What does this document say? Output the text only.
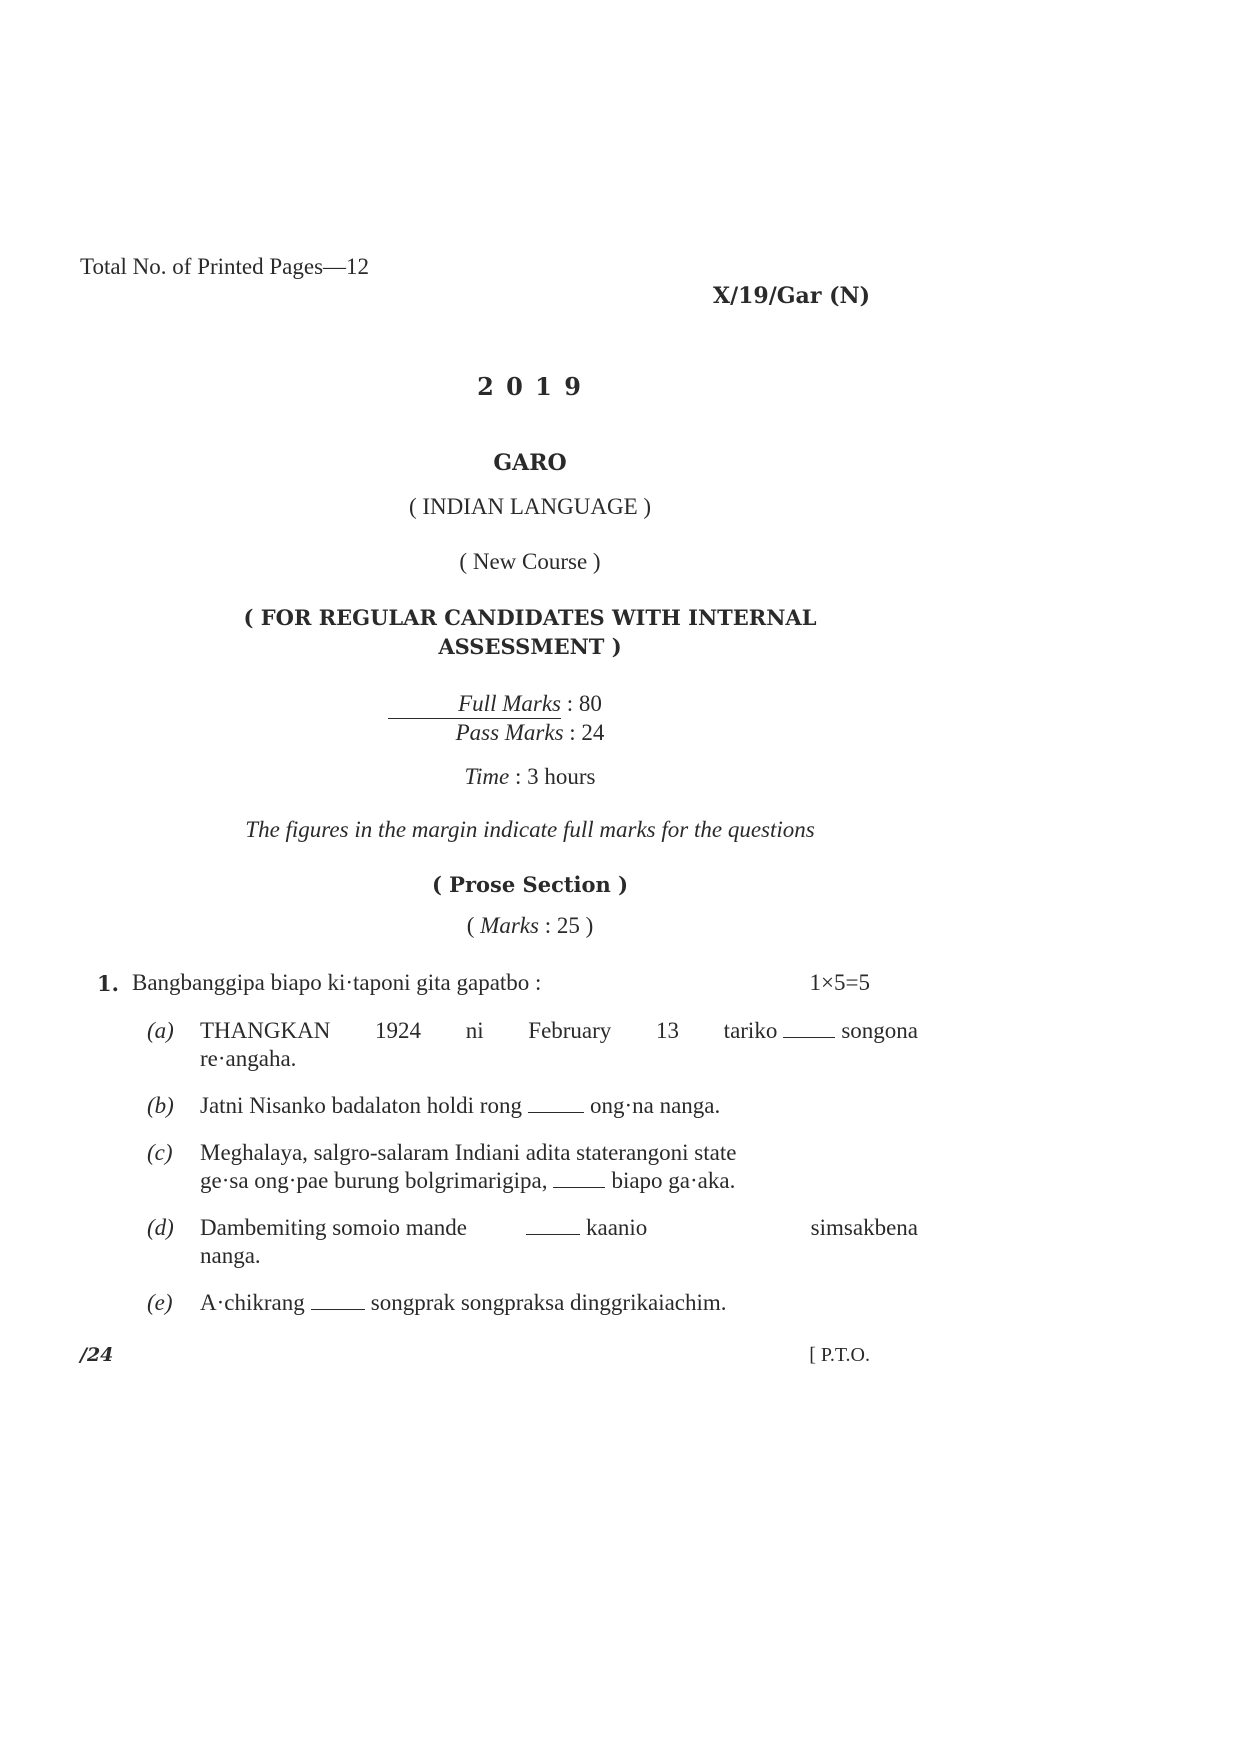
Total No. of Printed Pages—12
X/19/Gar (N)
2 0 1 9
GARO
( INDIAN LANGUAGE )
( New Course )
( FOR REGULAR CANDIDATES WITH INTERNAL
ASSESSMENT )
Full Marks : 80
Pass Marks : 24
Time : 3 hours
The figures in the margin indicate full marks for the questions
( Prose Section )
( Marks : 25 )
1. Bangbanggipa biapo ki·taponi gita gapatbo :	1×5=5
(a) THANGKAN 1924 ni February 13 tariko	songona
re·angaha.
(b) Jatni Nisanko badalaton holdi rong	ong·na nanga.
(c) Meghalaya, salgro-salaram Indiani adita staterangoni state
ge·sa ong·pae burung bolgrimarigipa,	biapo ga·aka.
(d) Dambemiting somoio mande	kaanio simsakbena
nanga.
(e) A·chikrang	songprak songpraksa dinggrikaiachim.
/24	[ P.T.O.
